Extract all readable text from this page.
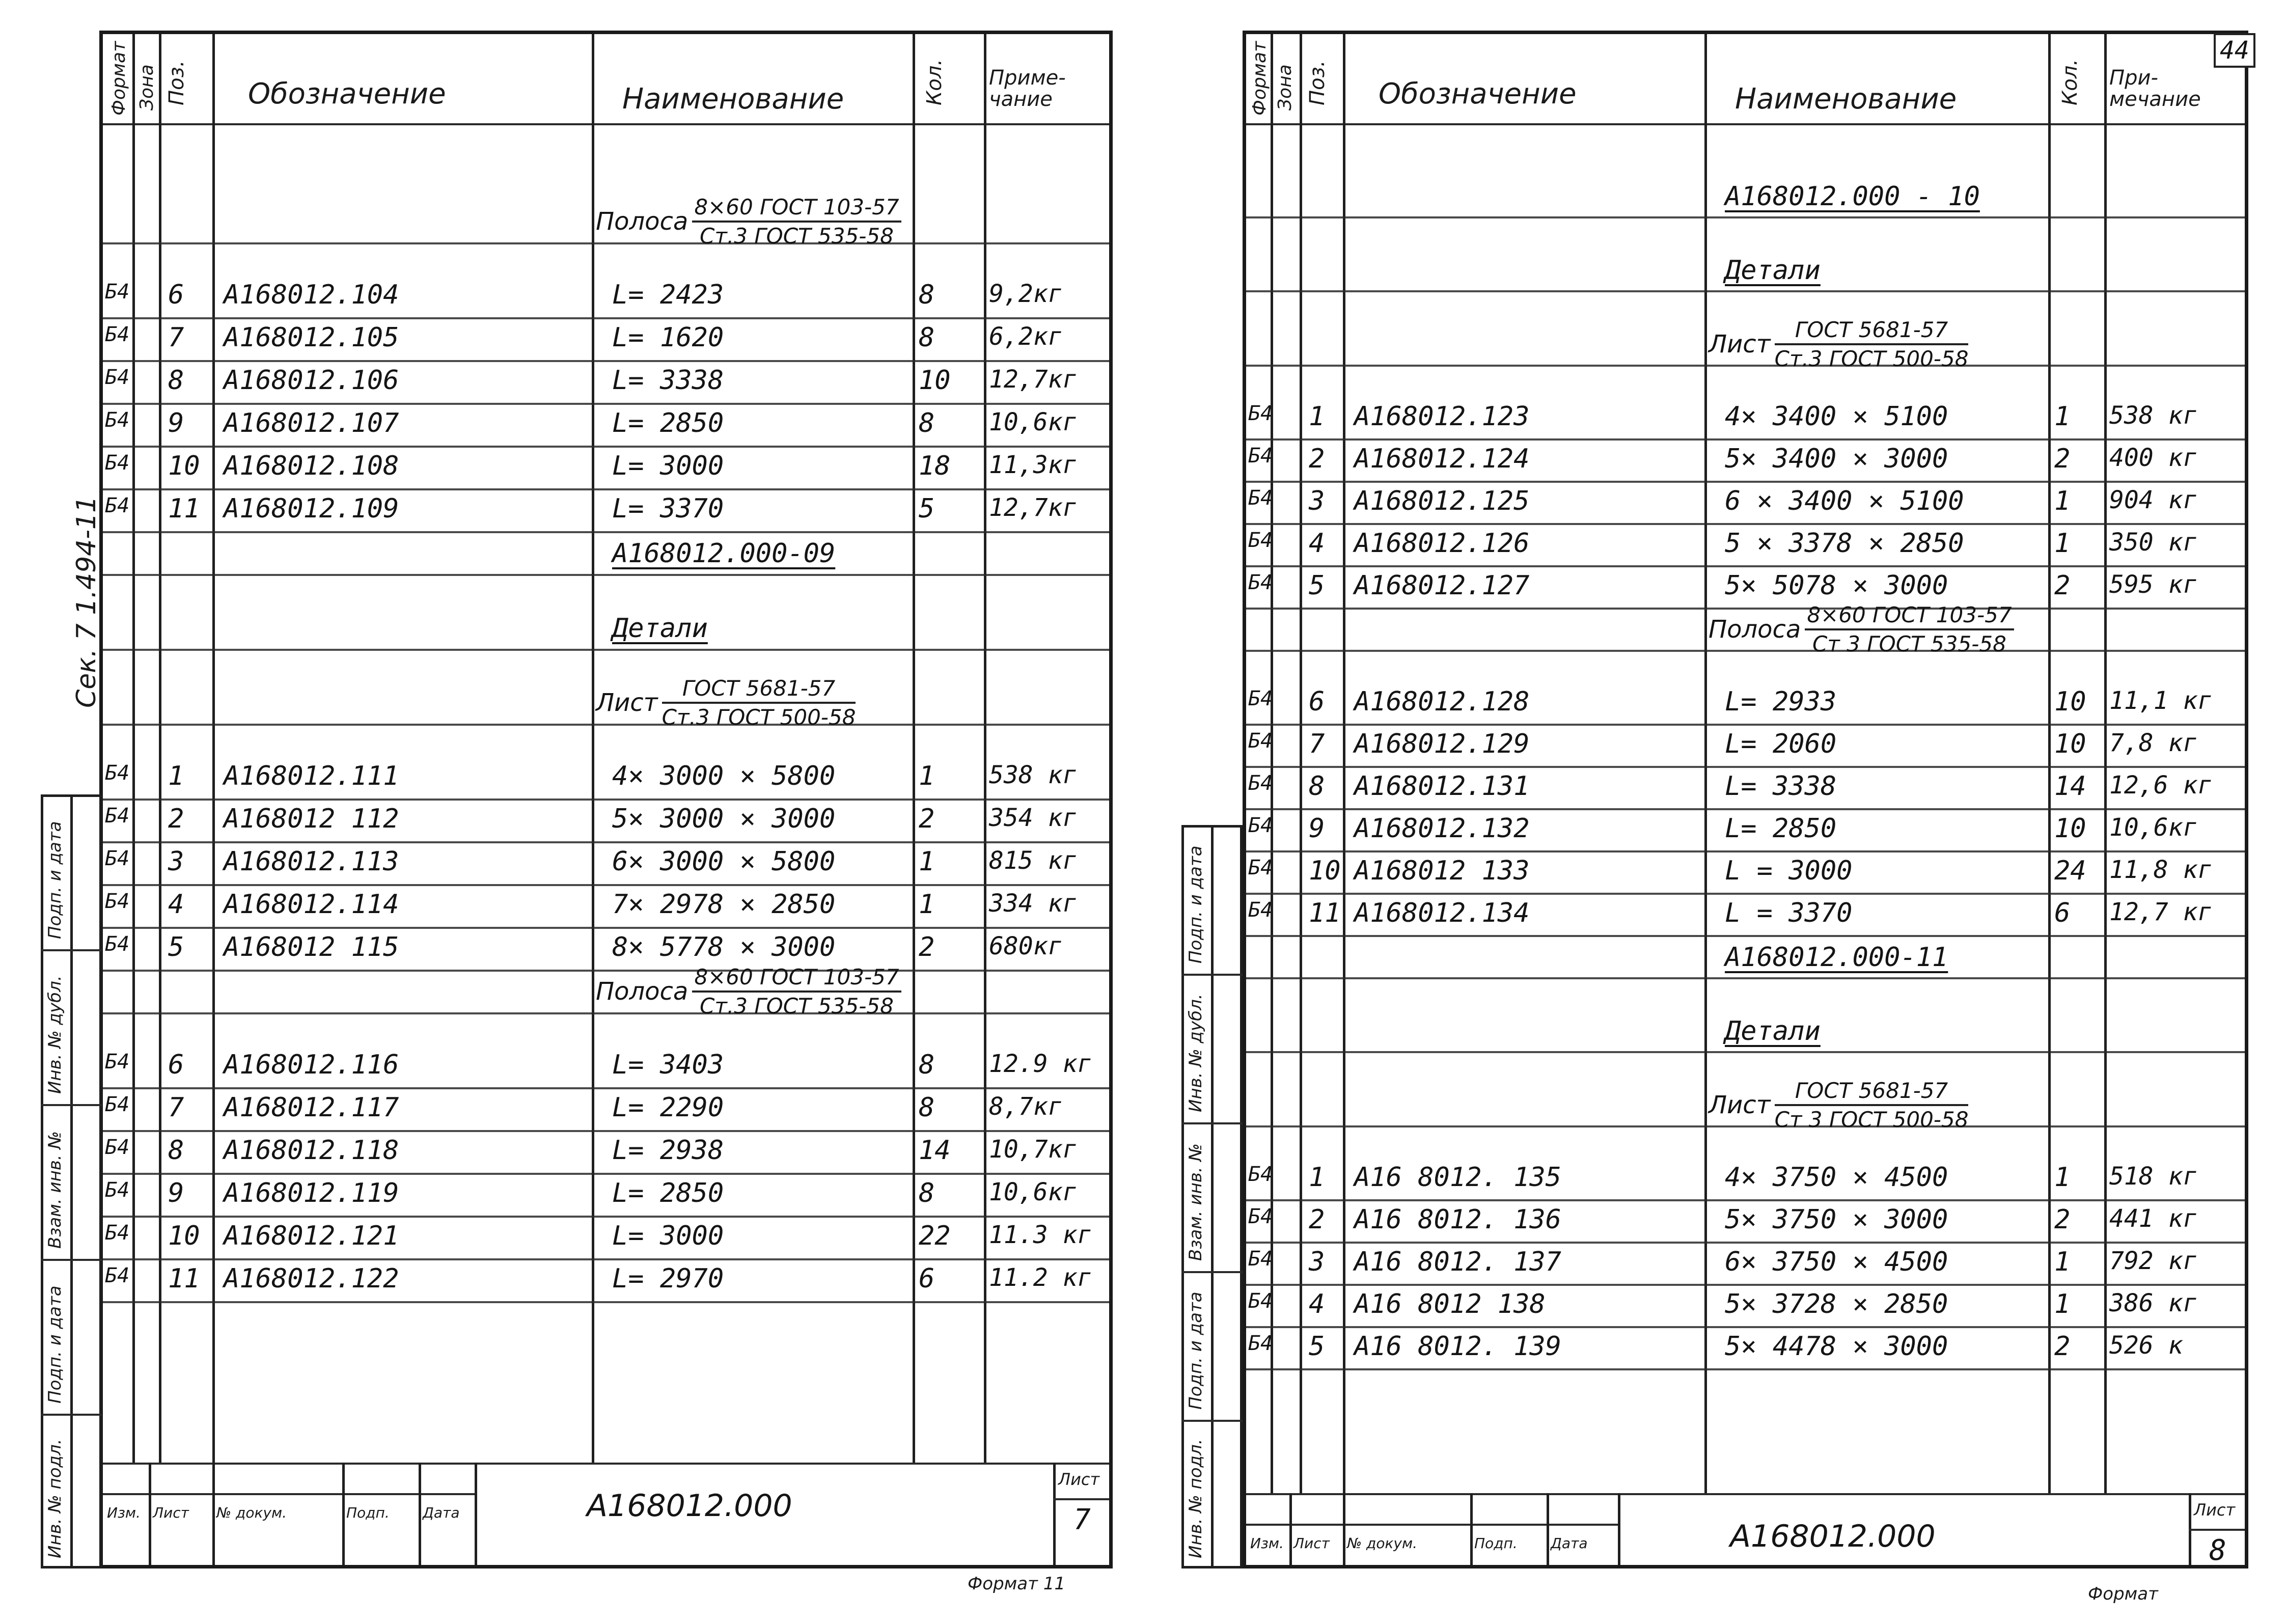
Сек. 7 1.494-11
Формат Зона Поз. Обозначение	Наименование	Кол. Приме- чание
Полоса $\frac{\text{8×60 ГОСТ 103-57}}{\text{Ст.3 ГОСТ 535-58}}$
Б4 6 А168012.104	L= 2423	8 9,2кг
Б4 7 А168012.105	L= 1620	8 6,2кг
Б4 8 А168012.106	L= 3338	10 12,7кг
Б4 9 А168012.107	L= 2850	8 10,6кг
Б4 10 А168012.108	L= 3000	18 11,3кг
Б4 11 А168012.109	L= 3370	5 12,7кг
А168012.000-09
Детали
Лист $\frac{\text{ГОСТ 5681-57}}{\text{Ст.3 ГОСТ 500-58}}$
Б4 1 А168012.111	4× 3000 × 5800	1 538 кг
Б4 2 А168012 112	5× 3000 × 3000	2 354 кг
Б4 3 А168012.113	6× 3000 × 5800	1 815 кг
Б4 4 А168012.114	7× 2978 × 2850	1 334 кг
Б4 5 А168012 115	8× 5778 × 3000	2 680кг
Полоса $\frac{\text{8×60 ГОСТ 103-57}}{\text{Ст.3 ГОСТ 535-58}}$
Б4 6 А168012.116	L= 3403	8 12.9 кг
Б4 7 А168012.117	L= 2290	8 8,7кг
Б4 8 А168012.118	L= 2938	14 10,7кг
Б4 9 А168012.119	L= 2850	8 10,6кг
Б4 10 А168012.121	L= 3000	22 11.3 кг
Б4 11 А168012.122	L= 2970	6 11.2 кг
Изм. Лист № докум.	Подп. Дата	А168012.000
Лист
7
Инв. № подл.
Подп. и дата
Взам. инв. №
Инв. № дубл.
Подп. и дата
Формат Зона Поз. Обозначение	Наименование	Кол. При- мечание
А168012.000 - 10
Детали
Лист $\frac{\text{ГОСТ 5681-57}}{\text{Ст.3 ГОСТ 500-58}}$
Б4 1 А168012.123	4× 3400 × 5100	1 538 кг
Б4 2 А168012.124	5× 3400 × 3000	2 400 кг
Б4 3 А168012.125	6 × 3400 × 5100	1 904 кг
Б4 4 А168012.126	5 × 3378 × 2850	1 350 кг
Б4 5 А168012.127	5× 5078 × 3000	2 595 кг
Полоса $\frac{\text{8×60 ГОСТ 103-57}}{\text{Ст 3 ГОСТ 535-58}}$
Б4 6 А168012.128	L= 2933	10 11,1 кг
Б4 7 А168012.129	L= 2060	10 7,8 кг
Б4 8 А168012.131	L= 3338	14 12,6 кг
Б4 9 А168012.132	L= 2850	10 10,6кг
Б4 10 А168012 133	L = 3000	24 11,8 кг
Б4 11 А168012.134	L = 3370	6 12,7 кг
А168012.000-11
Детали
Лист $\frac{\text{ГОСТ 5681-57}}{\text{Ст 3 ГОСТ 500-58}}$
Б4 1 А16 8012. 135	4× 3750 × 4500	1 518 кг
Б4 2 А16 8012. 136	5× 3750 × 3000	2 441 кг
Б4 3 А16 8012. 137	6× 3750 × 4500	1 792 кг
Б4 4 А16 8012 138	5× 3728 × 2850	1 386 кг
Б4 5 А16 8012. 139	5× 4478 × 3000	2 526 к
Изм. Лист № докум.	Подп. Дата	А168012.000
Лист
8
44
Инв. № подл.
Подп. и дата
Взам. инв. №
Инв. № дубл.
Подп. и дата
Формат 11	Формат
